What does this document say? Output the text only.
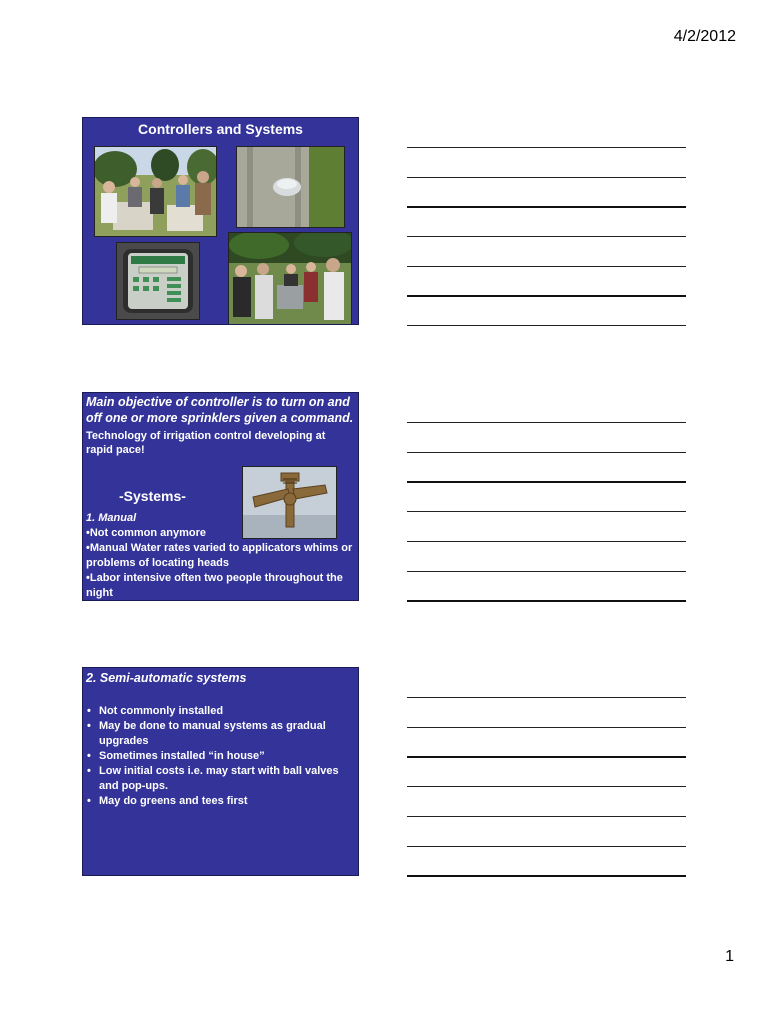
4/2/2012
Controllers and Systems
Main objective of controller is to turn on and off one or more sprinklers given a command.
Technology of irrigation control developing at rapid pace!
-Systems-
1. Manual
•Not common anymore
•Manual Water rates varied to applicators whims or problems of locating heads
•Labor intensive often two people throughout the night
2. Semi-automatic systems
• Not commonly installed
• May be done to manual systems as gradual upgrades
• Sometimes installed “in house”
• Low initial costs i.e. may start with ball valves and pop-ups.
• May do greens and tees first
1
